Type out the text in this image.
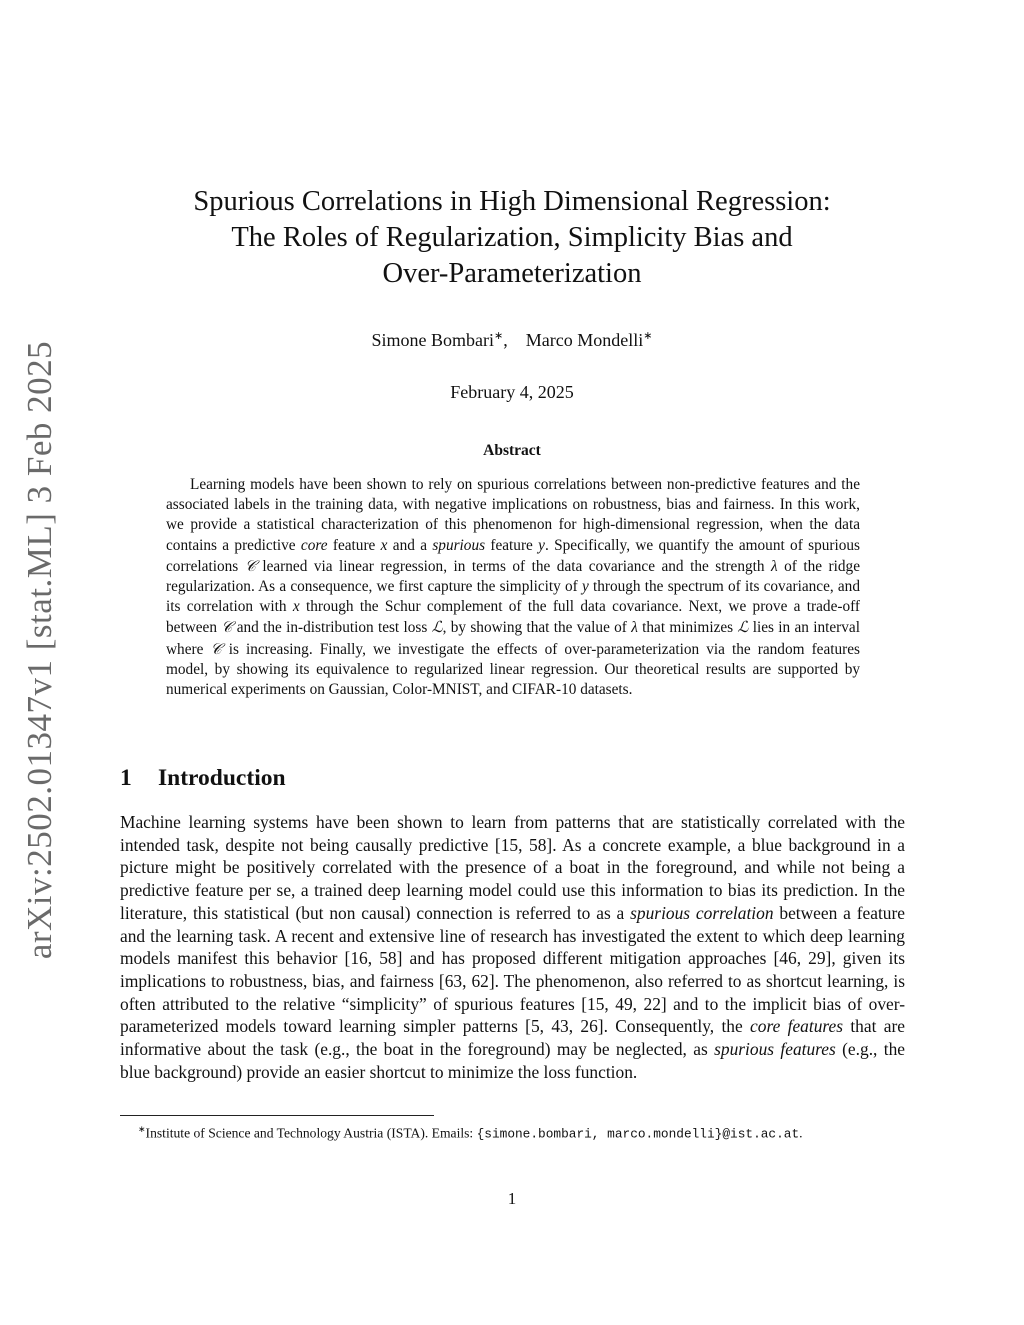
arXiv:2502.01347v1 [stat.ML] 3 Feb 2025
Spurious Correlations in High Dimensional Regression:
The Roles of Regularization, Simplicity Bias and
Over-Parameterization
Simone Bombari∗, Marco Mondelli∗
February 4, 2025
Abstract

Learning models have been shown to rely on spurious correlations between non-predictive features and the associated labels in the training data, with negative implications on robustness, bias and fairness. In this work, we provide a statistical characterization of this phenomenon for high-dimensional regression, when the data contains a predictive core feature x and a spurious feature y. Specifically, we quantify the amount of spurious correlations 𝒞 learned via linear regression, in terms of the data covariance and the strength λ of the ridge regularization. As a consequence, we first capture the simplicity of y through the spectrum of its covariance, and its correlation with x through the Schur complement of the full data covariance. Next, we prove a trade-off between 𝒞 and the in-distribution test loss ℒ, by showing that the value of λ that minimizes ℒ lies in an interval where 𝒞 is increasing. Finally, we investigate the effects of over-parameterization via the random features model, by showing its equivalence to regularized linear regression. Our theoretical results are supported by numerical experiments on Gaussian, Color-MNIST, and CIFAR-10 datasets.

1 Introduction

Machine learning systems have been shown to learn from patterns that are statistically correlated with the intended task, despite not being causally predictive [15, 58]. As a concrete example, a blue background in a picture might be positively correlated with the presence of a boat in the foreground, and while not being a predictive feature per se, a trained deep learning model could use this information to bias its prediction. In the literature, this statistical (but non causal) connection is referred to as a spurious correlation between a feature and the learning task. A recent and extensive line of research has investigated the extent to which deep learning models manifest this behavior [16, 58] and has proposed different mitigation approaches [46, 29], given its implications to robustness, bias, and fairness [63, 62]. The phenomenon, also referred to as shortcut learning, is often attributed to the relative “simplicity” of spurious features [15, 49, 22] and to the implicit bias of over-parameterized models toward learning simpler patterns [5, 43, 26]. Consequently, the core features that are informative about the task (e.g., the boat in the foreground) may be neglected, as spurious features (e.g., the blue background) provide an easier shortcut to minimize the loss function.

∗Institute of Science and Technology Austria (ISTA). Emails: {simone.bombari, marco.mondelli}@ist.ac.at.
1
